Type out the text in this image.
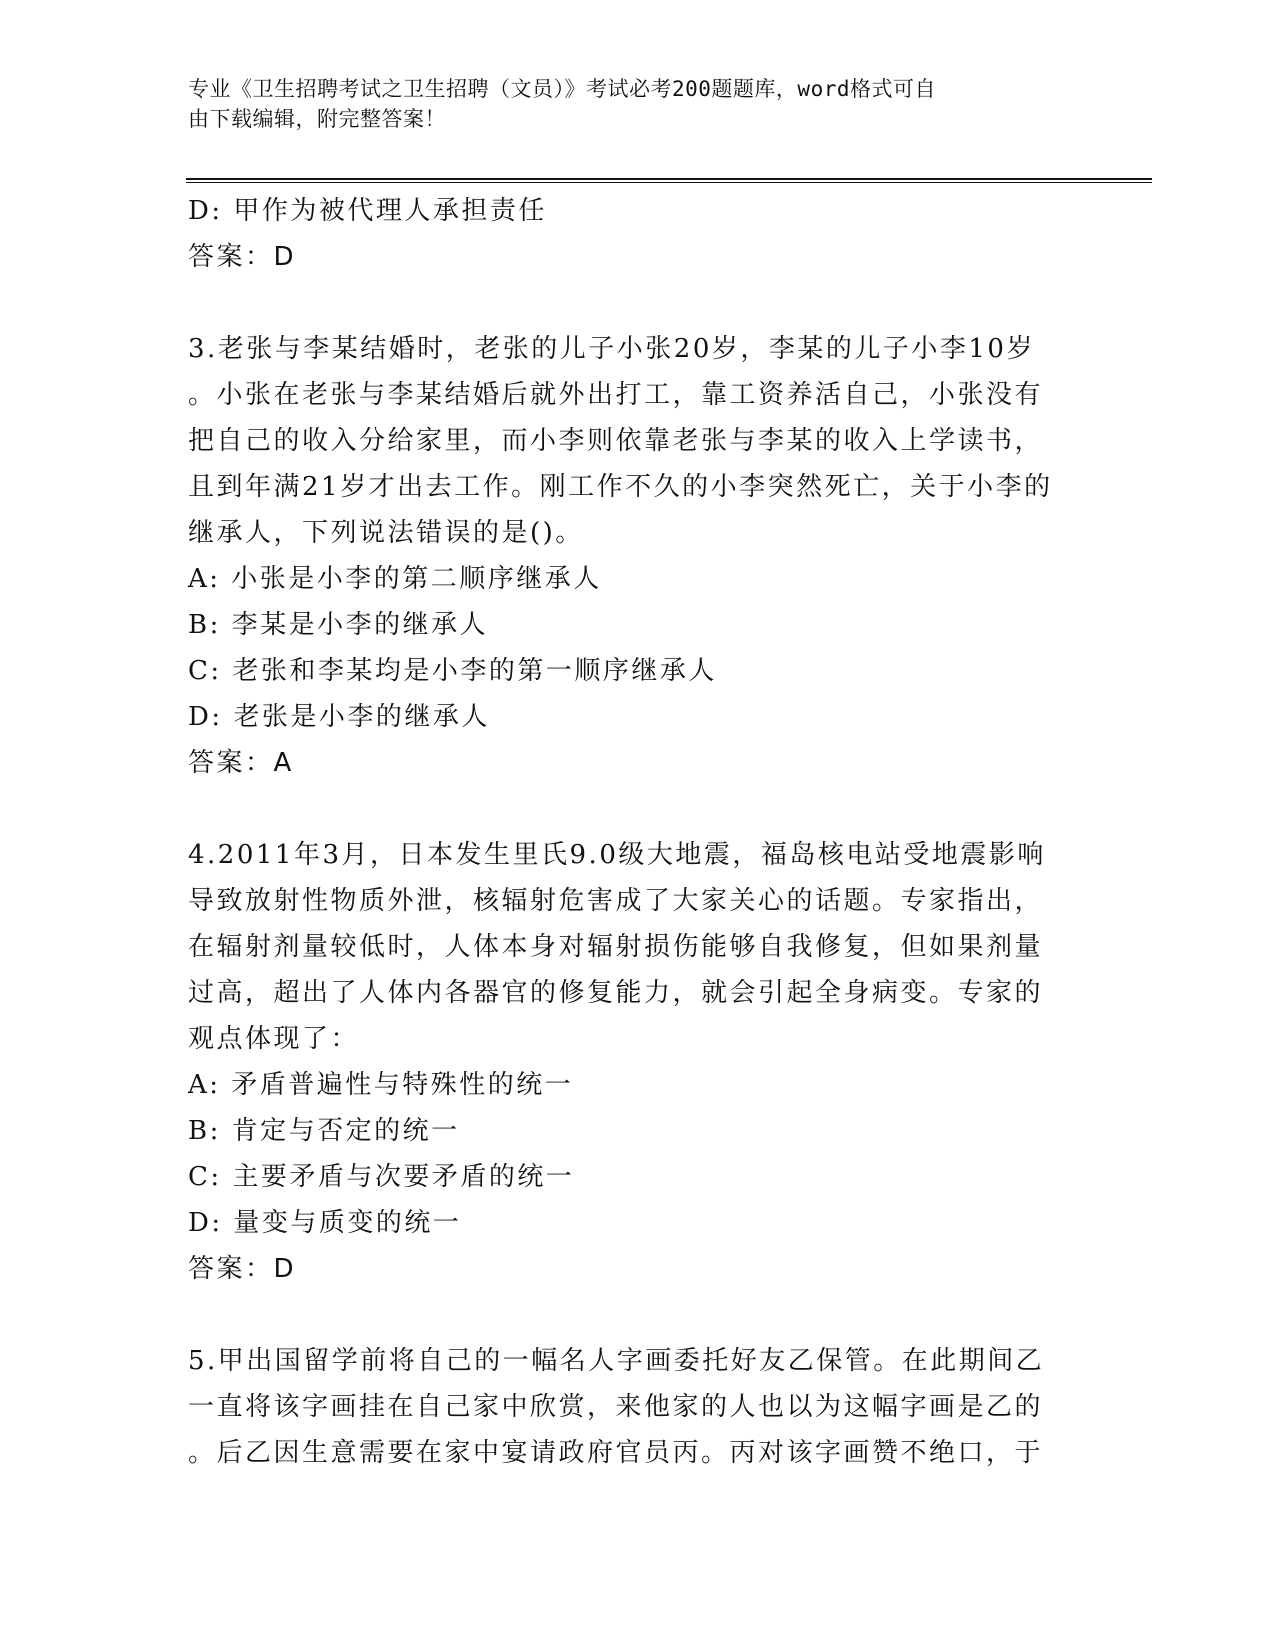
专业《卫生招聘考试之卫生招聘（文员）》考试必考200题题库，word格式可自
由下载编辑，附完整答案！
D: 甲作为被代理人承担责任
答案：D
3.老张与李某结婚时，老张的儿子小张20岁，李某的儿子小李10岁
。小张在老张与李某结婚后就外出打工，靠工资养活自己，小张没有
把自己的收入分给家里，而小李则依靠老张与李某的收入上学读书，
且到年满21岁才出去工作。刚工作不久的小李突然死亡，关于小李的
继承人，下列说法错误的是()。
A: 小张是小李的第二顺序继承人
B: 李某是小李的继承人
C: 老张和李某均是小李的第一顺序继承人
D: 老张是小李的继承人
答案：A
4.2011年3月，日本发生里氏9.0级大地震，福岛核电站受地震影响
导致放射性物质外泄，核辐射危害成了大家关心的话题。专家指出，
在辐射剂量较低时，人体本身对辐射损伤能够自我修复，但如果剂量
过高，超出了人体内各器官的修复能力，就会引起全身病变。专家的
观点体现了：
A: 矛盾普遍性与特殊性的统一
B: 肯定与否定的统一
C: 主要矛盾与次要矛盾的统一
D: 量变与质变的统一
答案：D
5.甲出国留学前将自己的一幅名人字画委托好友乙保管。在此期间乙
一直将该字画挂在自己家中欣赏，来他家的人也以为这幅字画是乙的
。后乙因生意需要在家中宴请政府官员丙。丙对该字画赞不绝口，于
